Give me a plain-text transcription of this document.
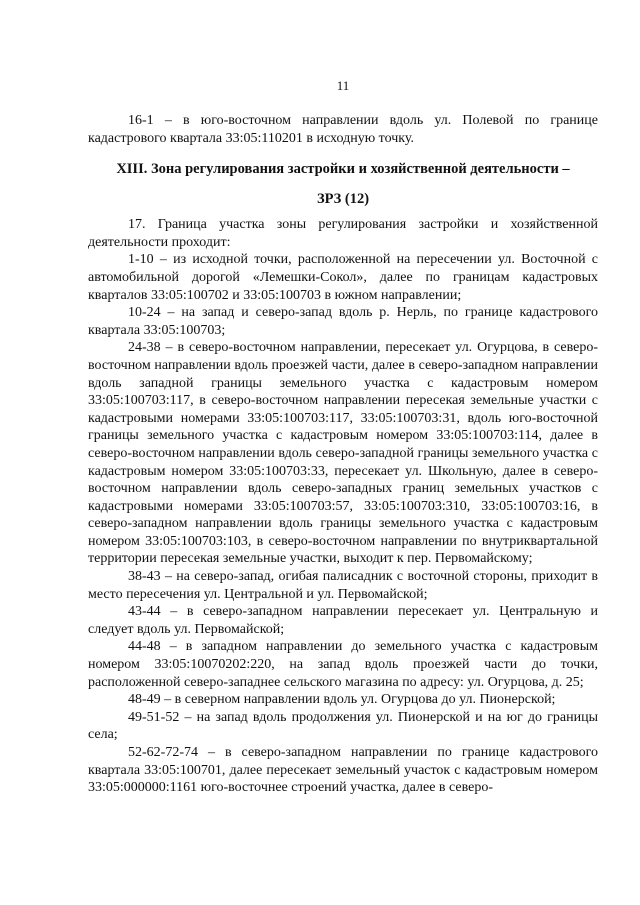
11

16-1 – в юго-восточном направлении вдоль ул. Полевой по границе кадастрового квартала 33:05:110201 в исходную точку.

XIII. Зона регулирования застройки и хозяйственной деятельности –

ЗРЗ (12)

17. Граница участка зоны регулирования застройки и хозяйственной деятельности проходит:

1-10 – из исходной точки, расположенной на пересечении ул. Восточной с автомобильной дорогой «Лемешки-Сокол», далее по границам кадастровых кварталов 33:05:100702 и 33:05:100703 в южном направлении;

10-24 – на запад и северо-запад вдоль р. Нерль, по границе кадастрового квартала 33:05:100703;

24-38 – в северо-восточном направлении, пересекает ул. Огурцова, в северо-восточном направлении вдоль проезжей части, далее в северо-западном направлении вдоль западной границы земельного участка с кадастровым номером 33:05:100703:117, в северо-восточном направлении пересекая земельные участки с кадастровыми номерами 33:05:100703:117, 33:05:100703:31, вдоль юго-восточной границы земельного участка с кадастровым номером 33:05:100703:114, далее в северо-восточном направлении вдоль северо-западной границы земельного участка с кадастровым номером 33:05:100703:33, пересекает ул. Школьную, далее в северо-восточном направлении вдоль северо-западных границ земельных участков с кадастровыми номерами 33:05:100703:57, 33:05:100703:310, 33:05:100703:16, в северо-западном направлении вдоль границы земельного участка с кадастровым номером 33:05:100703:103, в северо-восточном направлении по внутриквартальной территории пересекая земельные участки, выходит к пер. Первомайскому;

38-43 – на северо-запад, огибая палисадник с восточной стороны, приходит в место пересечения ул. Центральной и ул. Первомайской;

43-44 – в северо-западном направлении пересекает ул. Центральную и следует вдоль ул. Первомайской;

44-48 – в западном направлении до земельного участка с кадастровым номером 33:05:10070202:220, на запад вдоль проезжей части до точки, расположенной северо-западнее сельского магазина по адресу: ул. Огурцова, д. 25;

48-49 – в северном направлении вдоль ул. Огурцова до ул. Пионерской;

49-51-52 – на запад вдоль продолжения ул. Пионерской и на юг до границы села;

52-62-72-74 – в северо-западном направлении по границе кадастрового квартала 33:05:100701, далее пересекает земельный участок с кадастровым номером 33:05:000000:1161 юго-восточнее строений участка, далее в северо-
